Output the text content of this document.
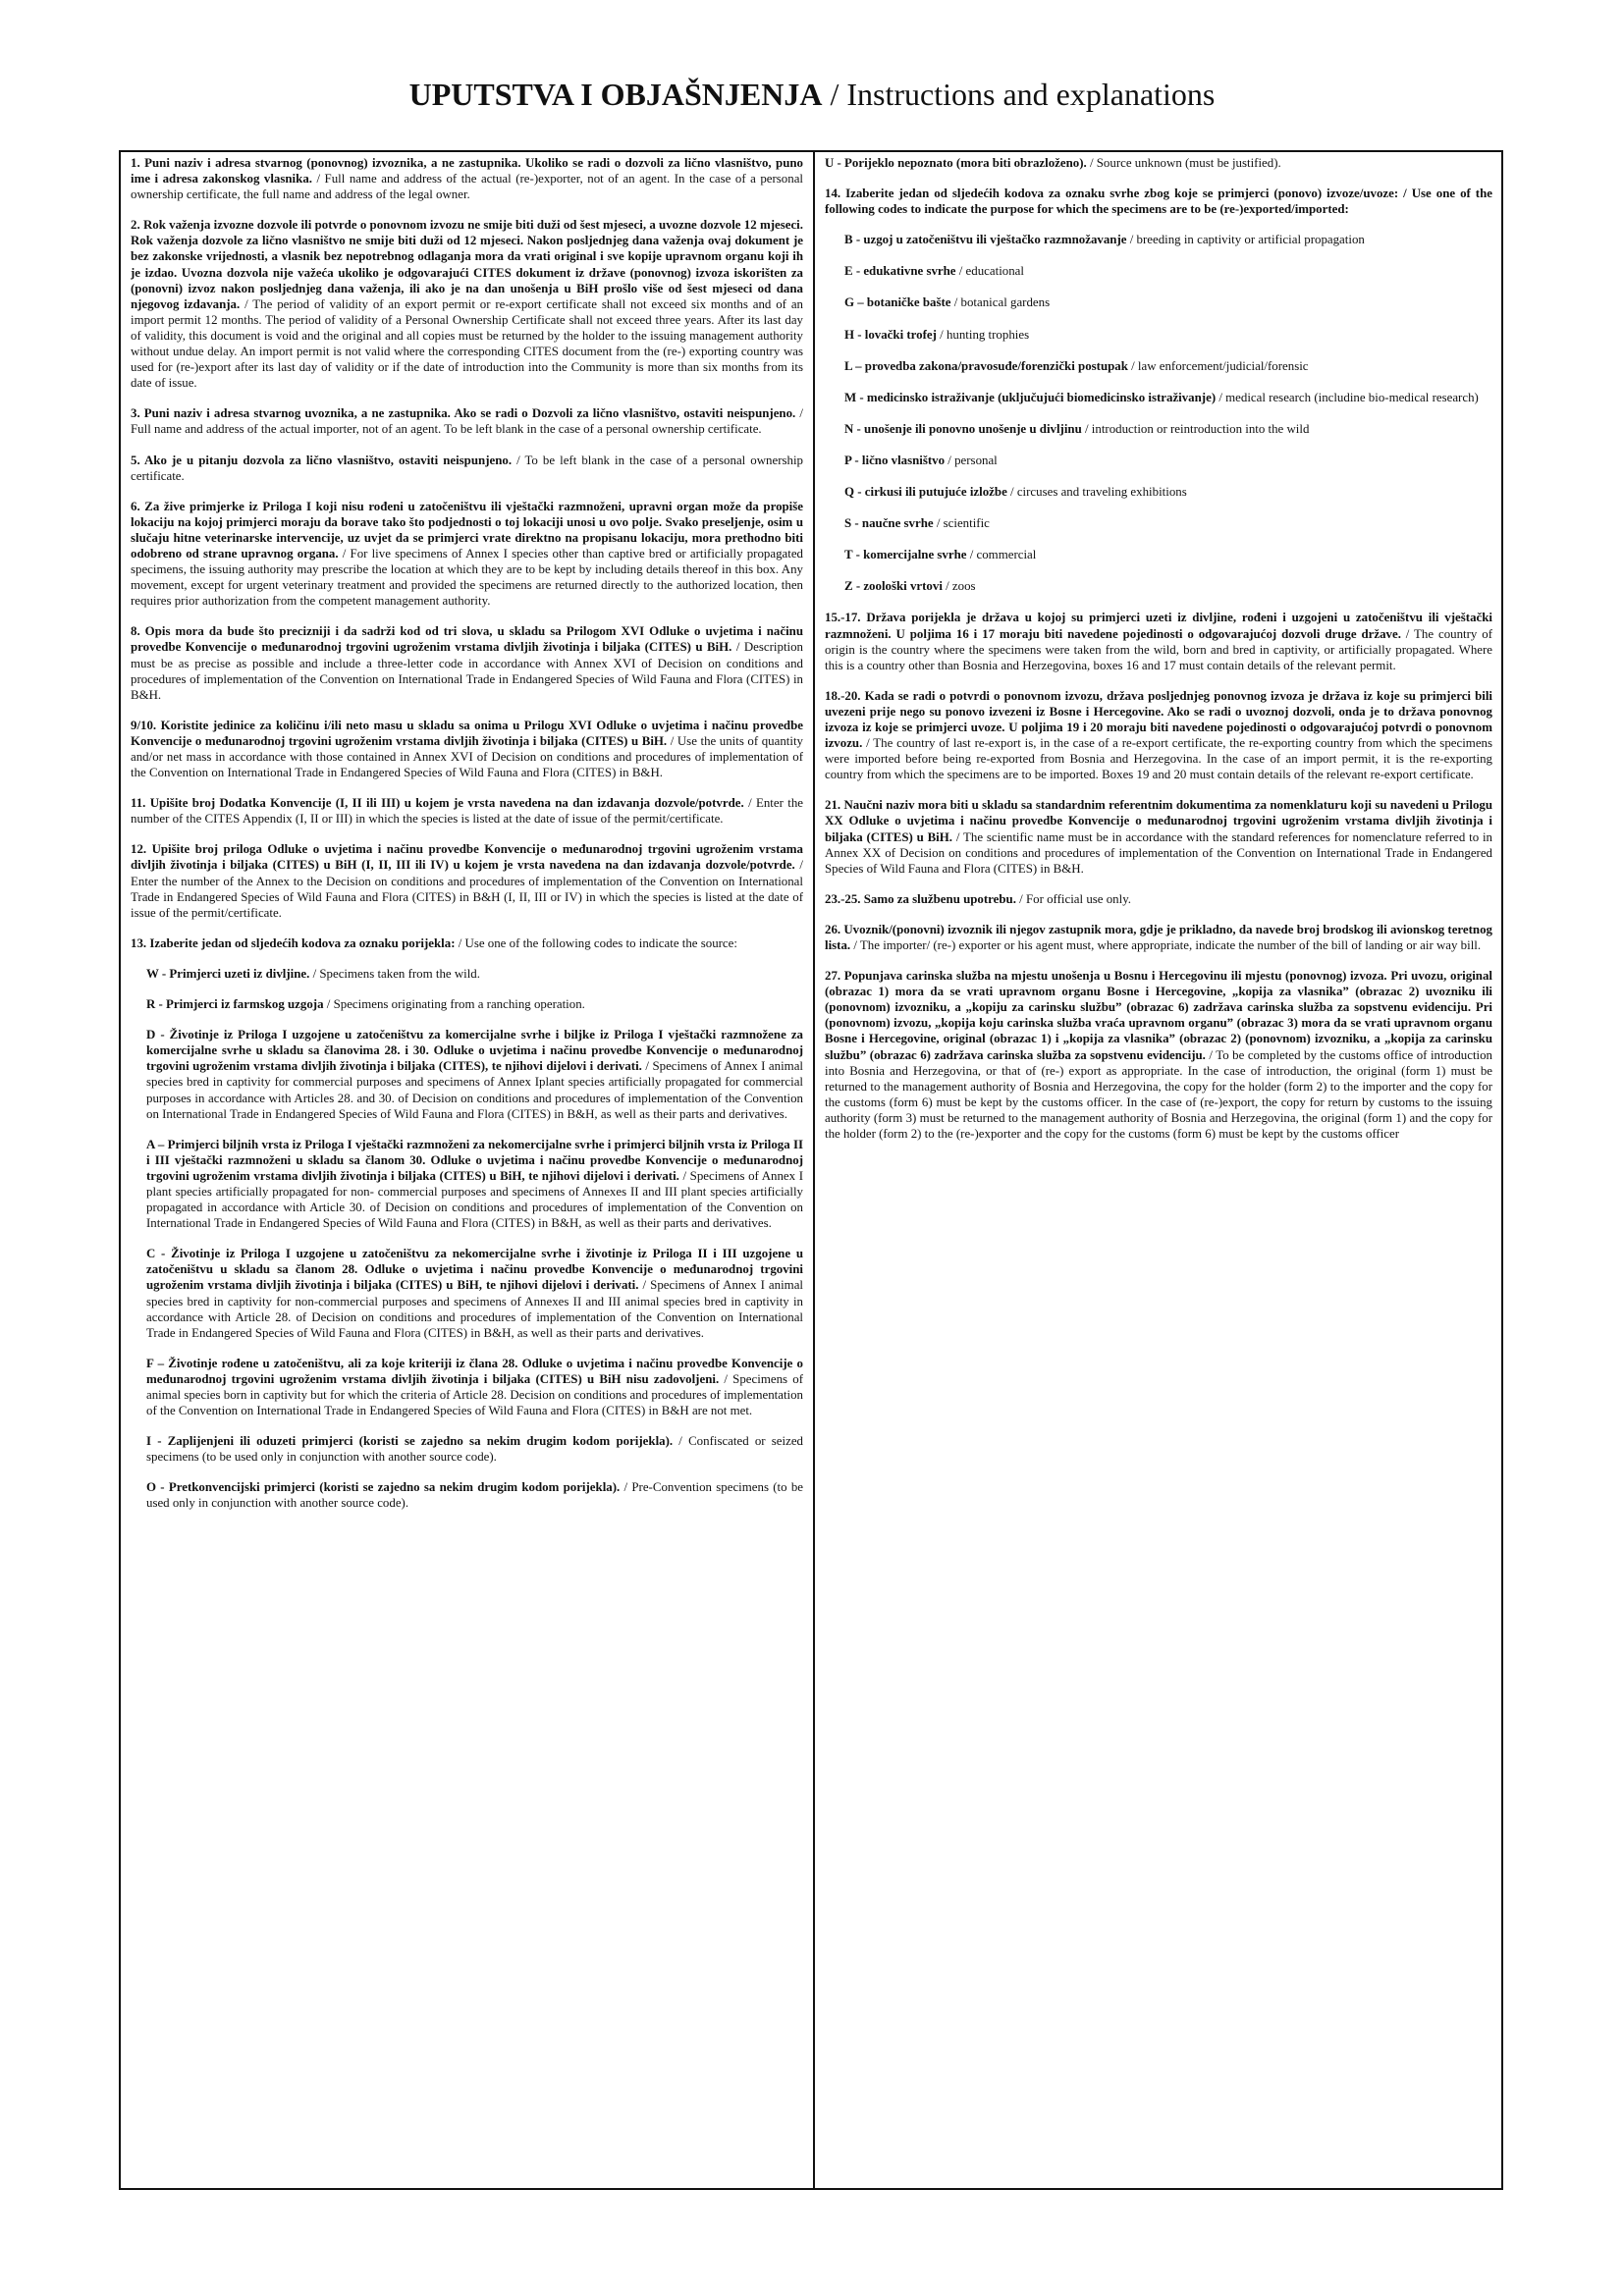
UPUTSTVA I OBJAŠNJENJA / Instructions and explanations

1. Puni naziv i adresa stvarnog (ponovnog) izvoznika, a ne zastupnika. Ukoliko se radi o dozvoli za lično vlasništvo, puno ime i adresa zakonskog vlasnika. / Full name and address of the actual (re-)exporter, not of an agent. In the case of a personal ownership certificate, the full name and address of the legal owner.

2. Rok važenja izvozne dozvole ili potvrde o ponovnom izvozu ne smije biti duži od šest mjeseci, a uvozne dozvole 12 mjeseci. Rok važenja dozvole za lično vlasništvo ne smije biti duži od 12 mjeseci. Nakon posljednjeg dana važenja ovaj dokument je bez zakonske vrijednosti, a vlasnik bez nepotrebnog odlaganja mora da vrati original i sve kopije upravnom organu koji ih je izdao. Uvozna dozvola nije važeća ukoliko je odgovarajući CITES dokument iz države (ponovnog) izvoza iskorišten za (ponovni) izvoz nakon posljednjeg dana važenja, ili ako je na dan unošenja u BiH prošlo više od šest mjeseci od dana njegovog izdavanja. / The period of validity of an export permit or re-export certificate shall not exceed six months and of an import permit 12 months. The period of validity of a Personal Ownership Certificate shall not exceed three years. After its last day of validity, this document is void and the original and all copies must be returned by the holder to the issuing management authority without undue delay. An import permit is not valid where the corresponding CITES document from the (re-) exporting country was used for (re-)export after its last day of validity or if the date of introduction into the Community is more than six months from its date of issue.

3. Puni naziv i adresa stvarnog uvoznika, a ne zastupnika. Ako se radi o Dozvoli za lično vlasništvo, ostaviti neispunjeno. / Full name and address of the actual importer, not of an agent. To be left blank in the case of a personal ownership certificate.

5. Ako je u pitanju dozvola za lično vlasništvo, ostaviti neispunjeno. / To be left blank in the case of a personal ownership certificate.

6. Za žive primjerke iz Priloga I koji nisu rođeni u zatočeništvu ili vještački razmnoženi, upravni organ može da propiše lokaciju na kojoj primjerci moraju da borave tako što podjednosti o toj lokaciji unosi u ovo polje. Svako preseljenje, osim u slučaju hitne veterinarske intervencije, uz uvjet da se primjerci vrate direktno na propisanu lokaciju, mora prethodno biti odobreno od strane upravnog organa. / For live specimens of Annex I species other than captive bred or artificially propagated specimens, the issuing authority may prescribe the location at which they are to be kept by including details thereof in this box. Any movement, except for urgent veterinary treatment and provided the specimens are returned directly to the authorized location, then requires prior authorization from the competent management authority.

8. Opis mora da bude što precizniji i da sadrži kod od tri slova, u skladu sa Prilogom XVI Odluke o uvjetima i načinu provedbe Konvencije o međunarodnoj trgovini ugroženim vrstama divljih životinja i biljaka (CITES) u BiH. / Description must be as precise as possible and include a three-letter code in accordance with Annex XVI of Decision on conditions and procedures of implementation of the Convention on International Trade in Endangered Species of Wild Fauna and Flora (CITES) in B&H.

9/10. Koristite jedinice za količinu i/ili neto masu u skladu sa onima u Prilogu XVI Odluke o uvjetima i načinu provedbe Konvencije o međunarodnoj trgovini ugroženim vrstama divljih životinja i biljaka (CITES) u BiH. / Use the units of quantity and/or net mass in accordance with those contained in Annex XVI of Decision on conditions and procedures of implementation of the Convention on International Trade in Endangered Species of Wild Fauna and Flora (CITES) in B&H.

11. Upišite broj Dodatka Konvencije (I, II ili III) u kojem je vrsta navedena na dan izdavanja dozvole/potvrde. / Enter the number of the CITES Appendix (I, II or III) in which the species is listed at the date of issue of the permit/certificate.

12. Upišite broj priloga Odluke o uvjetima i načinu provedbe Konvencije o međunarodnoj trgovini ugroženim vrstama divljih životinja i biljaka (CITES) u BiH (I, II, III ili IV) u kojem je vrsta navedena na dan izdavanja dozvole/potvrde. / Enter the number of the Annex to the Decision on conditions and procedures of implementation of the Convention on International Trade in Endangered Species of Wild Fauna and Flora (CITES) in B&H (I, II, III or IV) in which the species is listed at the date of issue of the permit/certificate.

13. Izaberite jedan od sljedećih kodova za oznaku porijekla: / Use one of the following codes to indicate the source:

W - Primjerci uzeti iz divljine. / Specimens taken from the wild.

R - Primjerci iz farmskog uzgoja / Specimens originating from a ranching operation.

D - Životinje iz Priloga I uzgojene u zatočeništvu za komercijalne svrhe i biljke iz Priloga I vještački razmnožene za komercijalne svrhe u skladu sa članovima 28. i 30. Odluke o uvjetima i načinu provedbe Konvencije o međunarodnoj trgovini ugroženim vrstama divljih životinja i biljaka (CITES), te njihovi dijelovi i derivati. / Specimens of Annex I animal species bred in captivity for commercial purposes and specimens of Annex Iplant species artificially propagated for commercial purposes in accordance with Articles 28. and 30. of Decision on conditions and procedures of implementation of the Convention on International Trade in Endangered Species of Wild Fauna and Flora (CITES) in B&H, as well as their parts and derivatives.

A – Primjerci biljnih vrsta iz Priloga I vještački razmnoženi za nekomercijalne svrhe i primjerci biljnih vrsta iz Priloga II i III vještački razmnoženi u skladu sa članom 30. Odluke o uvjetima i načinu provedbe Konvencije o međunarodnoj trgovini ugroženim vrstama divljih životinja i biljaka (CITES) u BiH, te njihovi dijelovi i derivati. / Specimens of Annex I plant species artificially propagated for non- commercial purposes and specimens of Annexes II and III plant species artificially propagated in accordance with Article 30. of Decision on conditions and procedures of implementation of the Convention on International Trade in Endangered Species of Wild Fauna and Flora (CITES) in B&H, as well as their parts and derivatives.

C - Životinje iz Priloga I uzgojene u zatočeništvu za nekomercijalne svrhe i životinje iz Priloga II i III uzgojene u zatočeništvu u skladu sa članom 28. Odluke o uvjetima i načinu provedbe Konvencije o međunarodnoj trgovini ugroženim vrstama divljih životinja i biljaka (CITES) u BiH, te njihovi dijelovi i derivati. / Specimens of Annex I animal species bred in captivity for non-commercial purposes and specimens of Annexes II and III animal species bred in captivity in accordance with Article 28. of Decision on conditions and procedures of implementation of the Convention on International Trade in Endangered Species of Wild Fauna and Flora (CITES) in B&H, as well as their parts and derivatives.

F – Životinje rođene u zatočeništvu, ali za koje kriteriji iz člana 28. Odluke o uvjetima i načinu provedbe Konvencije o međunarodnoj trgovini ugroženim vrstama divljih životinja i biljaka (CITES) u BiH nisu zadovoljeni. / Specimens of animal species born in captivity but for which the criteria of Article 28. Decision on conditions and procedures of implementation of the Convention on International Trade in Endangered Species of Wild Fauna and Flora (CITES) in B&H are not met.

I - Zaplijenjeni ili oduzeti primjerci (koristi se zajedno sa nekim drugim kodom porijekla). / Confiscated or seized specimens (to be used only in conjunction with another source code).

O - Pretkonvencijski primjerci (koristi se zajedno sa nekim drugim kodom porijekla). / Pre-Convention specimens (to be used only in conjunction with another source code).

U - Porijeklo nepoznato (mora biti obrazloženo). / Source unknown (must be justified).

14. Izaberite jedan od sljedećih kodova za oznaku svrhe zbog koje se primjerci (ponovo) izvoze/uvoze: / Use one of the following codes to indicate the purpose for which the specimens are to be (re-)exported/imported:

B - uzgoj u zatočeništvu ili vještačko razmnožavanje / breeding in captivity or artificial propagation

E - edukativne svrhe / educational

G – botaničke bašte / botanical gardens

H - lovački trofej / hunting trophies

L – provedba zakona/pravosuđe/forenzički postupak / law enforcement/judicial/forensic

M - medicinsko istraživanje (uključujući biomedicinsko istraživanje) / medical research (includine bio-medical research)

N - unošenje ili ponovno unošenje u divljinu / introduction or reintroduction into the wild

P - lično vlasništvo / personal

Q - cirkusi ili putujuće izložbe / circuses and traveling exhibitions

S - naučne svrhe / scientific

T - komercijalne svrhe / commercial

Z - zoološki vrtovi / zoos

15.-17. Država porijekla je država u kojoj su primjerci uzeti iz divljine, rođeni i uzgojeni u zatočeništvu ili vještački razmnoženi. U poljima 16 i 17 moraju biti navedene pojedinosti o odgovarajućoj dozvoli druge države. / The country of origin is the country where the specimens were taken from the wild, born and bred in captivity, or artificially propagated. Where this is a country other than Bosnia and Herzegovina, boxes 16 and 17 must contain details of the relevant permit.

18.-20. Kada se radi o potvrdi o ponovnom izvozu, država posljednjeg ponovnog izvoza je država iz koje su primjerci bili uvezeni prije nego su ponovo izvezeni iz Bosne i Hercegovine. Ako se radi o uvoznoj dozvoli, onda je to država ponovnog izvoza iz koje se primjerci uvoze. U poljima 19 i 20 moraju biti navedene pojedinosti o odgovarajućoj potvrdi o ponovnom izvozu. / The country of last re-export is, in the case of a re-export certificate, the re-exporting country from which the specimens were imported before being re-exported from Bosnia and Herzegovina. In the case of an import permit, it is the re-exporting country from which the specimens are to be imported. Boxes 19 and 20 must contain details of the relevant re-export certificate.

21. Naučni naziv mora biti u skladu sa standardnim referentnim dokumentima za nomenklaturu koji su navedeni u Prilogu XX Odluke o uvjetima i načinu provedbe Konvencije o međunarodnoj trgovini ugroženim vrstama divljih životinja i biljaka (CITES) u BiH. / The scientific name must be in accordance with the standard references for nomenclature referred to in Annex XX of Decision on conditions and procedures of implementation of the Convention on International Trade in Endangered Species of Wild Fauna and Flora (CITES) in B&H.

23.-25. Samo za službenu upotrebu. / For official use only.

26. Uvoznik/(ponovni) izvoznik ili njegov zastupnik mora, gdje je prikladno, da navede broj brodskog ili avionskog teretnog lista. / The importer/ (re-) exporter or his agent must, where appropriate, indicate the number of the bill of landing or air way bill.

27. Popunjava carinska služba na mjestu unošenja u Bosnu i Hercegovinu ili mjestu (ponovnog) izvoza. Pri uvozu, original (obrazac 1) mora da se vrati upravnom organu Bosne i Hercegovine, „kopija za vlasnika” (obrazac 2) uvozniku ili (ponovnom) izvozniku, a „kopiju za carinsku službu” (obrazac 6) zadržava carinska služba za sopstvenu evidenciju. Pri (ponovnom) izvozu, „kopija koju carinska služba vraća upravnom organu” (obrazac 3) mora da se vrati upravnom organu Bosne i Hercegovine, original (obrazac 1) i „kopija za vlasnika” (obrazac 2) (ponovnom) izvozniku, a „kopija za carinsku službu” (obrazac 6) zadržava carinska služba za sopstvenu evidenciju. / To be completed by the customs office of introduction into Bosnia and Herzegovina, or that of (re-) export as appropriate. In the case of introduction, the original (form 1) must be returned to the management authority of Bosnia and Herzegovina, the copy for the holder (form 2) to the importer and the copy for the customs (form 6) must be kept by the customs officer. In the case of (re-)export, the copy for return by customs to the issuing authority (form 3) must be returned to the management authority of Bosnia and Herzegovina, the original (form 1) and the copy for the holder (form 2) to the (re-)exporter and the copy for the customs (form 6) must be kept by the customs officer
